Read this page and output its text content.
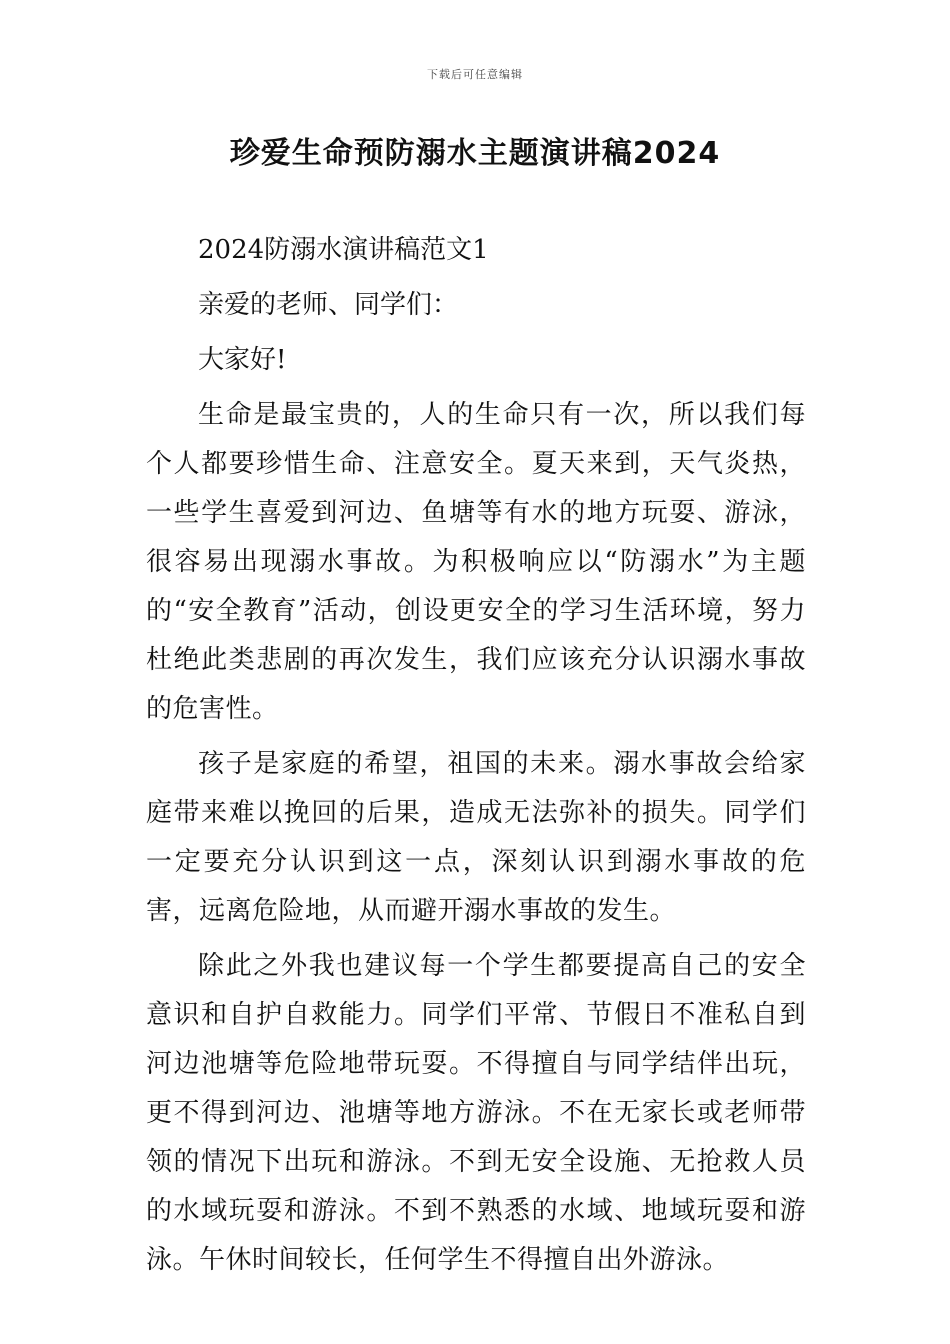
下载后可任意编辑
珍爱生命预防溺水主题演讲稿2024

2024防溺水演讲稿范文1

亲爱的老师、同学们：

大家好!

生命是最宝贵的，人的生命只有一次，所以我们每个人都要珍惜生命、注意安全。夏天来到，天气炎热，一些学生喜爱到河边、鱼塘等有水的地方玩耍、游泳，很容易出现溺水事故。为积极响应以“防溺水”为主题的“安全教育”活动，创设更安全的学习生活环境，努力杜绝此类悲剧的再次发生，我们应该充分认识溺水事故的危害性。

孩子是家庭的希望，祖国的未来。溺水事故会给家庭带来难以挽回的后果，造成无法弥补的损失。同学们一定要充分认识到这一点，深刻认识到溺水事故的危害，远离危险地，从而避开溺水事故的发生。

除此之外我也建议每一个学生都要提高自己的安全意识和自护自救能力。同学们平常、节假日不准私自到河边池塘等危险地带玩耍。不得擅自与同学结伴出玩，更不得到河边、池塘等地方游泳。不在无家长或老师带领的情况下出玩和游泳。不到无安全设施、无抢救人员的水域玩耍和游泳。不到不熟悉的水域、地域玩耍和游泳。午休时间较长，任何学生不得擅自出外游泳。
